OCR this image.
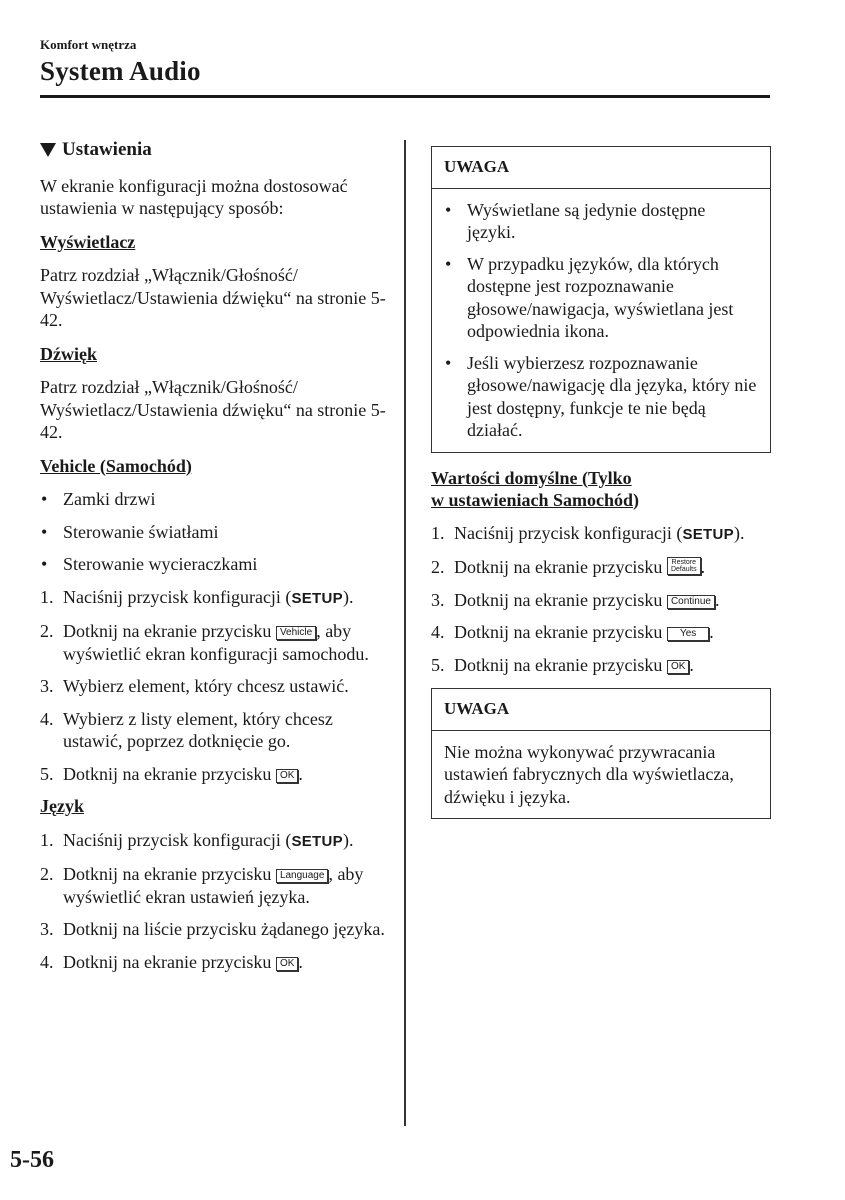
Komfort wnętrza
System Audio
Ustawienia

W ekranie konfiguracji można dostosować ustawienia w następujący sposób:

Wyświetlacz

Patrz rozdział „Włącznik/Głośność/ Wyświetlacz/Ustawienia dźwięku“ na stronie 5-42.

Dźwięk

Patrz rozdział „Włącznik/Głośność/ Wyświetlacz/Ustawienia dźwięku“ na stronie 5-42.

Vehicle (Samochód)
• Zamki drzwi
• Sterowanie światłami
• Sterowanie wycieraczkami
1. Naciśnij przycisk konfiguracji (SETUP).
2. Dotknij na ekranie przycisku Vehicle , aby wyświetlić ekran konfiguracji samochodu.
3. Wybierz element, który chcesz ustawić.
4. Wybierz z listy element, który chcesz ustawić, poprzez dotknięcie go.
5. Dotknij na ekranie przycisku OK .
Język
1. Naciśnij przycisk konfiguracji (SETUP).
2. Dotknij na ekranie przycisku Language , aby wyświetlić ekran ustawień języka.
3. Dotknij na liście przycisku żądanego języka.
4. Dotknij na ekranie przycisku OK .
UWAGA
• Wyświetlane są jedynie dostępne języki.
• W przypadku języków, dla których dostępne jest rozpoznawanie głosowe/nawigacja, wyświetlana jest odpowiednia ikona.
• Jeśli wybierzesz rozpoznawanie głosowe/nawigację dla języka, który nie jest dostępny, funkcje te nie będą działać.
Wartości domyślne (Tylko
w ustawieniach Samochód)
1. Naciśnij przycisk konfiguracji (SETUP).
2. Dotknij na ekranie przycisku Restore
Defaults .
3. Dotknij na ekranie przycisku Continue .
4. Dotknij na ekranie przycisku Yes .
5. Dotknij na ekranie przycisku OK .
UWAGA
Nie można wykonywać przywracania ustawień fabrycznych dla wyświetlacza, dźwięku i języka.
5-56
